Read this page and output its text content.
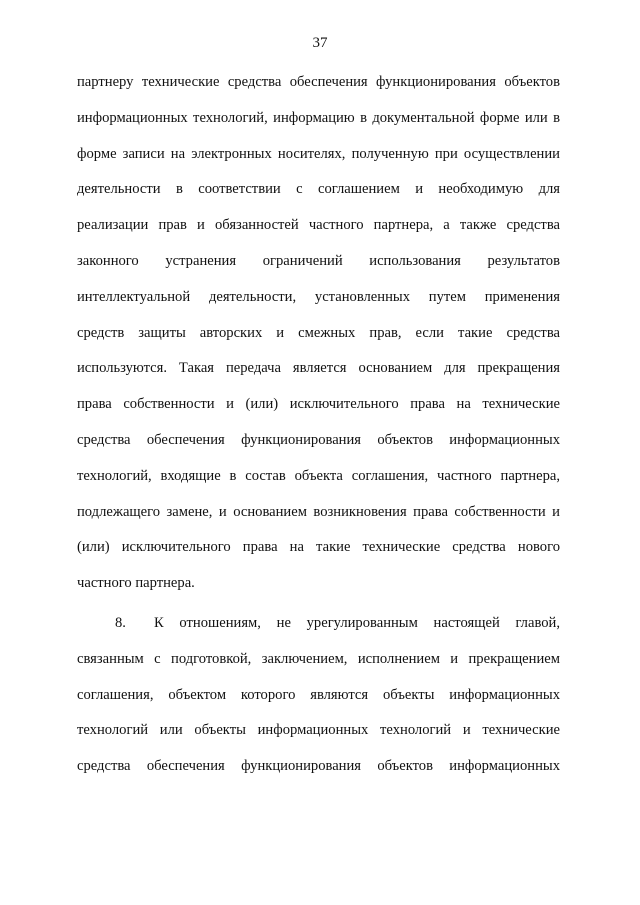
37
партнеру технические средства обеспечения функционирования объектов
информационных технологий, информацию в документальной форме или в
форме записи на электронных носителях, полученную при осуществлении
деятельности в соответствии с соглашением и необходимую для
реализации прав и обязанностей частного партнера, а также средства
законного устранения ограничений использования результатов
интеллектуальной деятельности, установленных путем применения
средств защиты авторских и смежных прав, если такие средства
используются. Такая передача является основанием для прекращения
права собственности и (или) исключительного права на технические
средства обеспечения функционирования объектов информационных
технологий, входящие в состав объекта соглашения, частного партнера,
подлежащего замене, и основанием возникновения права собственности и
(или) исключительного права на такие технические средства нового
частного партнера.
8.	К отношениям, не урегулированным настоящей главой,
связанным с подготовкой, заключением, исполнением и прекращением
соглашения, объектом которого являются объекты информационных
технологий или объекты информационных технологий и технические
средства обеспечения функционирования объектов информационных
